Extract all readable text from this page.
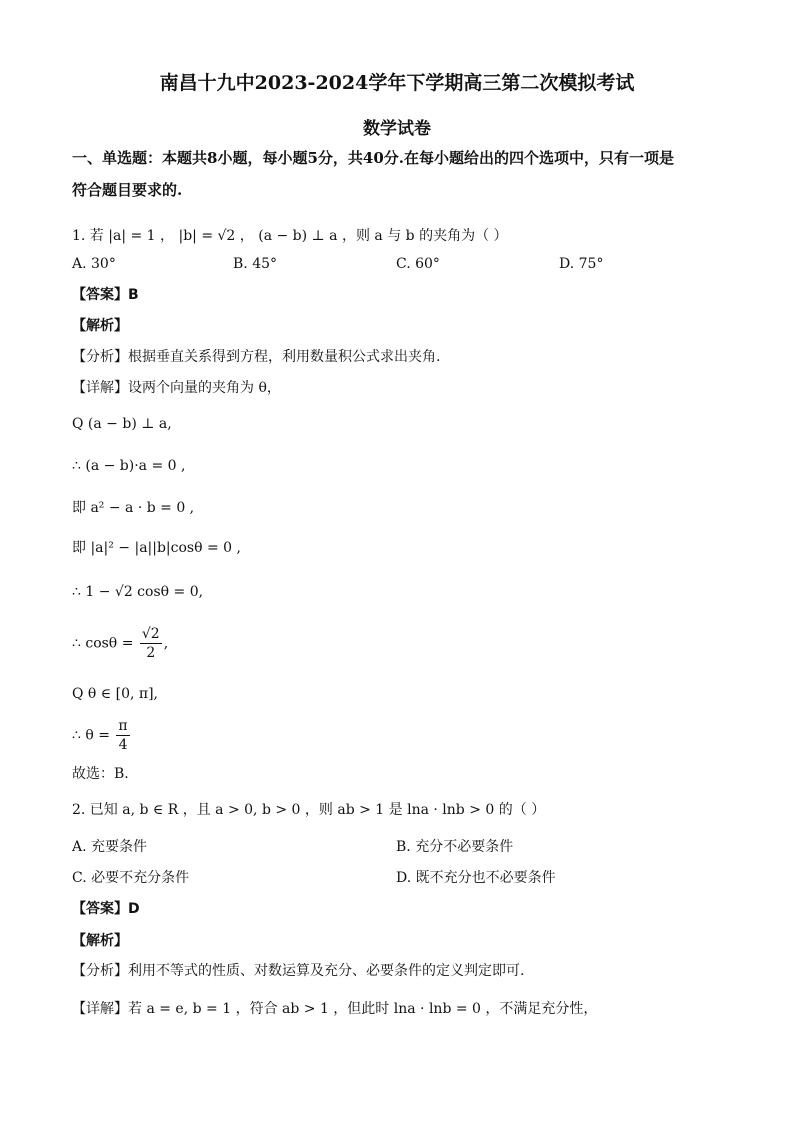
南昌十九中2023-2024学年下学期高三第二次模拟考试
数学试卷
一、单选题：本题共8小题，每小题5分，共40分.在每小题给出的四个选项中，只有一项是
符合题目要求的.
1. 若 |a| = 1 ， |b| = √2 ， (a − b) ⊥ a ，则 a 与 b 的夹角为（ ）
A. 30°	B. 45°	C. 60°	D. 75°
【答案】B
【解析】
【分析】根据垂直关系得到方程，利用数量积公式求出夹角.
【详解】设两个向量的夹角为 θ，
Q (a − b) ⊥ a,
∴ (a − b)·a = 0 ,
即 a² − a · b = 0 ,
即 |a|² − |a||b|cosθ = 0 ,
∴ 1 − √2 cosθ = 0,
∴ $\cos\theta = \frac{√2}{2}$ ,
Q θ ∈ [0, π],
∴ $\theta = \frac{\pi}{4}$
故选：B.
2. 已知 a, b ∈ R ，且 a > 0, b > 0 ，则 ab > 1 是 lna · lnb > 0 的（ ）
A. 充要条件	B. 充分不必要条件
C. 必要不充分条件	D. 既不充分也不必要条件
【答案】D
【解析】
【分析】利用不等式的性质、对数运算及充分、必要条件的定义判定即可.
【详解】若 a = e, b = 1 ，符合 ab > 1 ，但此时 lna · lnb = 0 ，不满足充分性，
